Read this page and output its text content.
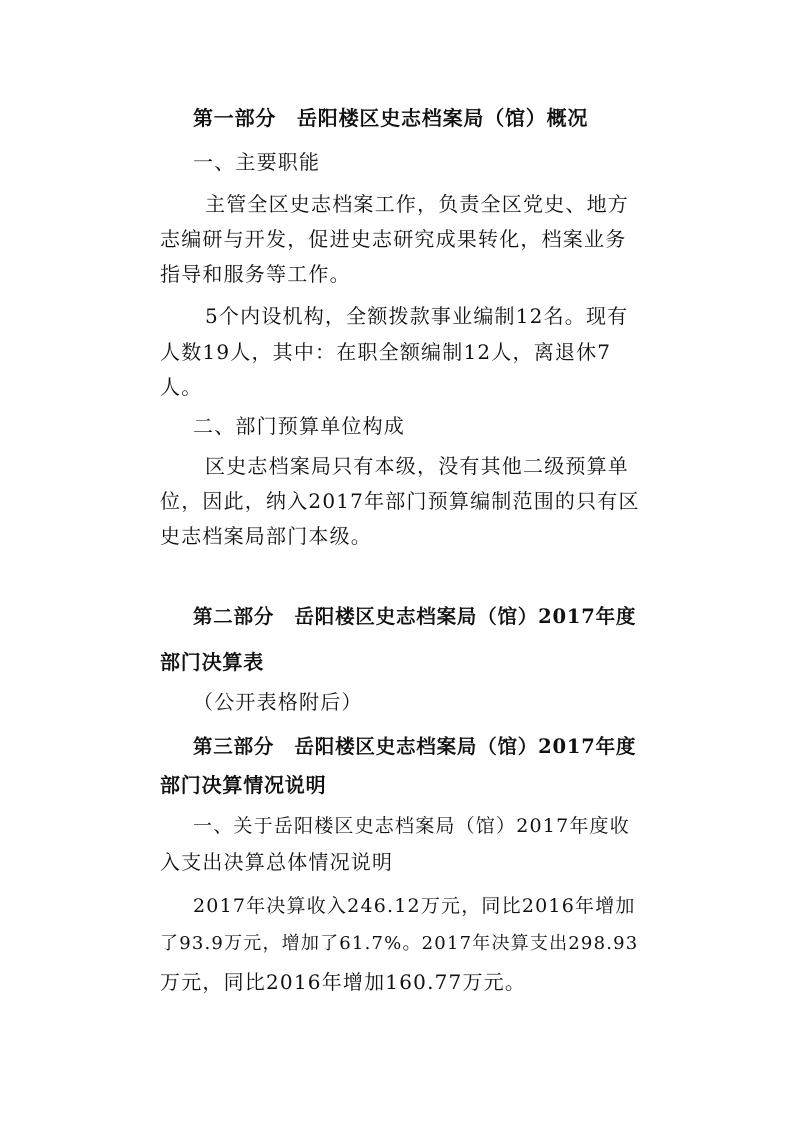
第一部分　岳阳楼区史志档案局（馆）概况
一、主要职能
主管全区史志档案工作，负责全区党史、地方
志编研与开发，促进史志研究成果转化，档案业务
指导和服务等工作。
5个内设机构，全额拨款事业编制12名。现有
人数19人，其中：在职全额编制12人，离退休7
人。
二、部门预算单位构成
区史志档案局只有本级，没有其他二级预算单
位，因此，纳入2017年部门预算编制范围的只有区
史志档案局部门本级。
第二部分　岳阳楼区史志档案局（馆）2017年度
部门决算表
（公开表格附后）
第三部分　岳阳楼区史志档案局（馆）2017年度
部门决算情况说明
一、关于岳阳楼区史志档案局（馆）2017年度收
入支出决算总体情况说明
2017年决算收入246.12万元，同比2016年增加
了93.9万元，增加了61.7%。2017年决算支出298.93
万元，同比2016年增加160.77万元。
